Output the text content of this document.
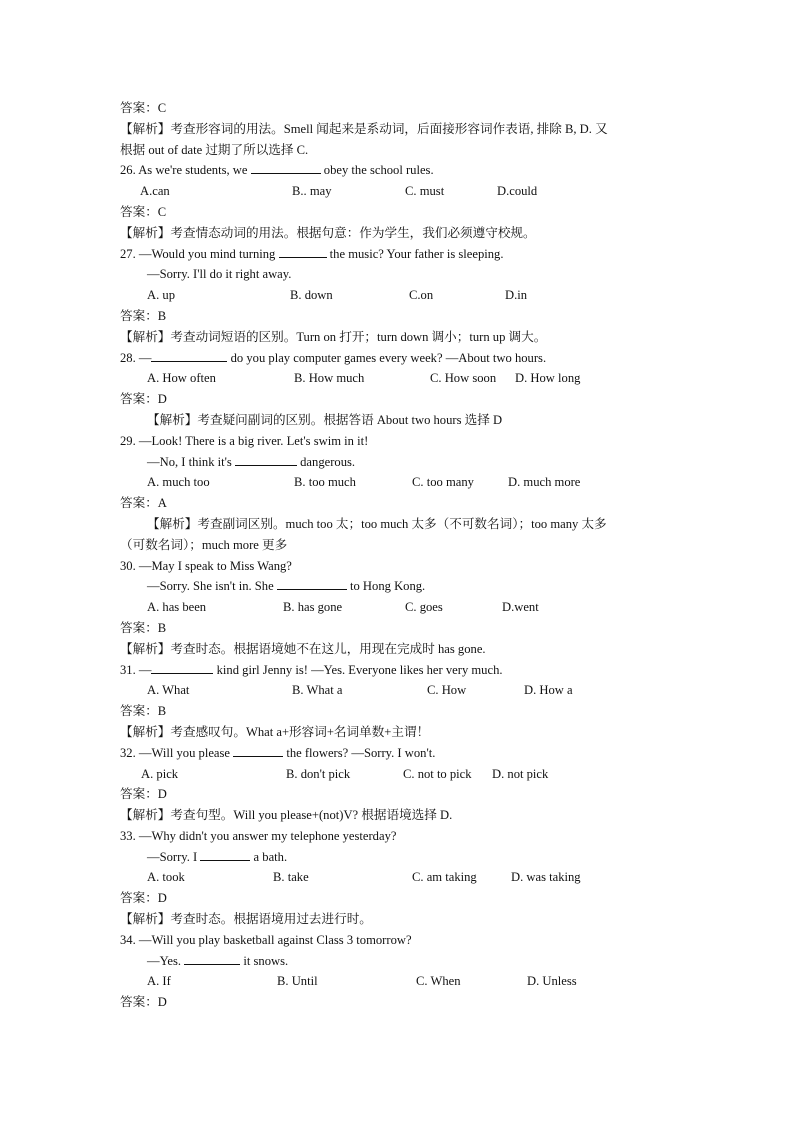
答案：C
【解析】考查形容词的用法。Smell 闻起来是系动词，后面接形容词作表语, 排除 B, D. 又
根据 out of date 过期了所以选择 C.
26. As we're students, we	obey the school rules.
A.can	B.. may	C. must	D.could
答案：C
【解析】考查情态动词的用法。根据句意：作为学生，我们必须遵守校规。
27. —Would you mind turning	the music? Your father is sleeping.
—Sorry. I'll do it right away.
A. up	B. down	C.on	D.in
答案：B
【解析】考查动词短语的区别。Turn on 打开；turn down 调小；turn up 调大。
28. —	do you play computer games every week? —About two hours.
A. How often	B. How much	C. How soon D. How long
答案：D
【解析】考查疑问副词的区别。根据答语 About two hours 选择 D
29. —Look! There is a big river. Let's swim in it!
—No, I think it's	dangerous.
A. much too	B. too much	C. too many	D. much more
答案：A
【解析】考查副词区别。much too 太；too much 太多（不可数名词）；too many 太多
（可数名词）；much more 更多
30. —May I speak to Miss Wang?
—Sorry. She isn't in. She	to Hong Kong.
A. has been	B. has gone	C. goes	D.went
答案：B
【解析】考查时态。根据语境她不在这儿，用现在完成时 has gone.
31. —	kind girl Jenny is! —Yes. Everyone likes her very much.
A. What	B. What a	C. How	D. How a
答案：B
【解析】考查感叹句。What a+形容词+名词单数+主谓！
32. —Will you please	the flowers? —Sorry. I won't.
A. pick	B. don't pick	C. not to pick D. not pick
答案：D
【解析】考查句型。Will you please+(not)V? 根据语境选择 D.
33. —Why didn't you answer my telephone yesterday?
—Sorry. I	a bath.
A. took	B. take	C. am taking	D. was taking
答案：D
【解析】考查时态。根据语境用过去进行时。
34. —Will you play basketball against Class 3 tomorrow?
—Yes.	it snows.
A. If	B. Until	C. When	D. Unless
答案：D
